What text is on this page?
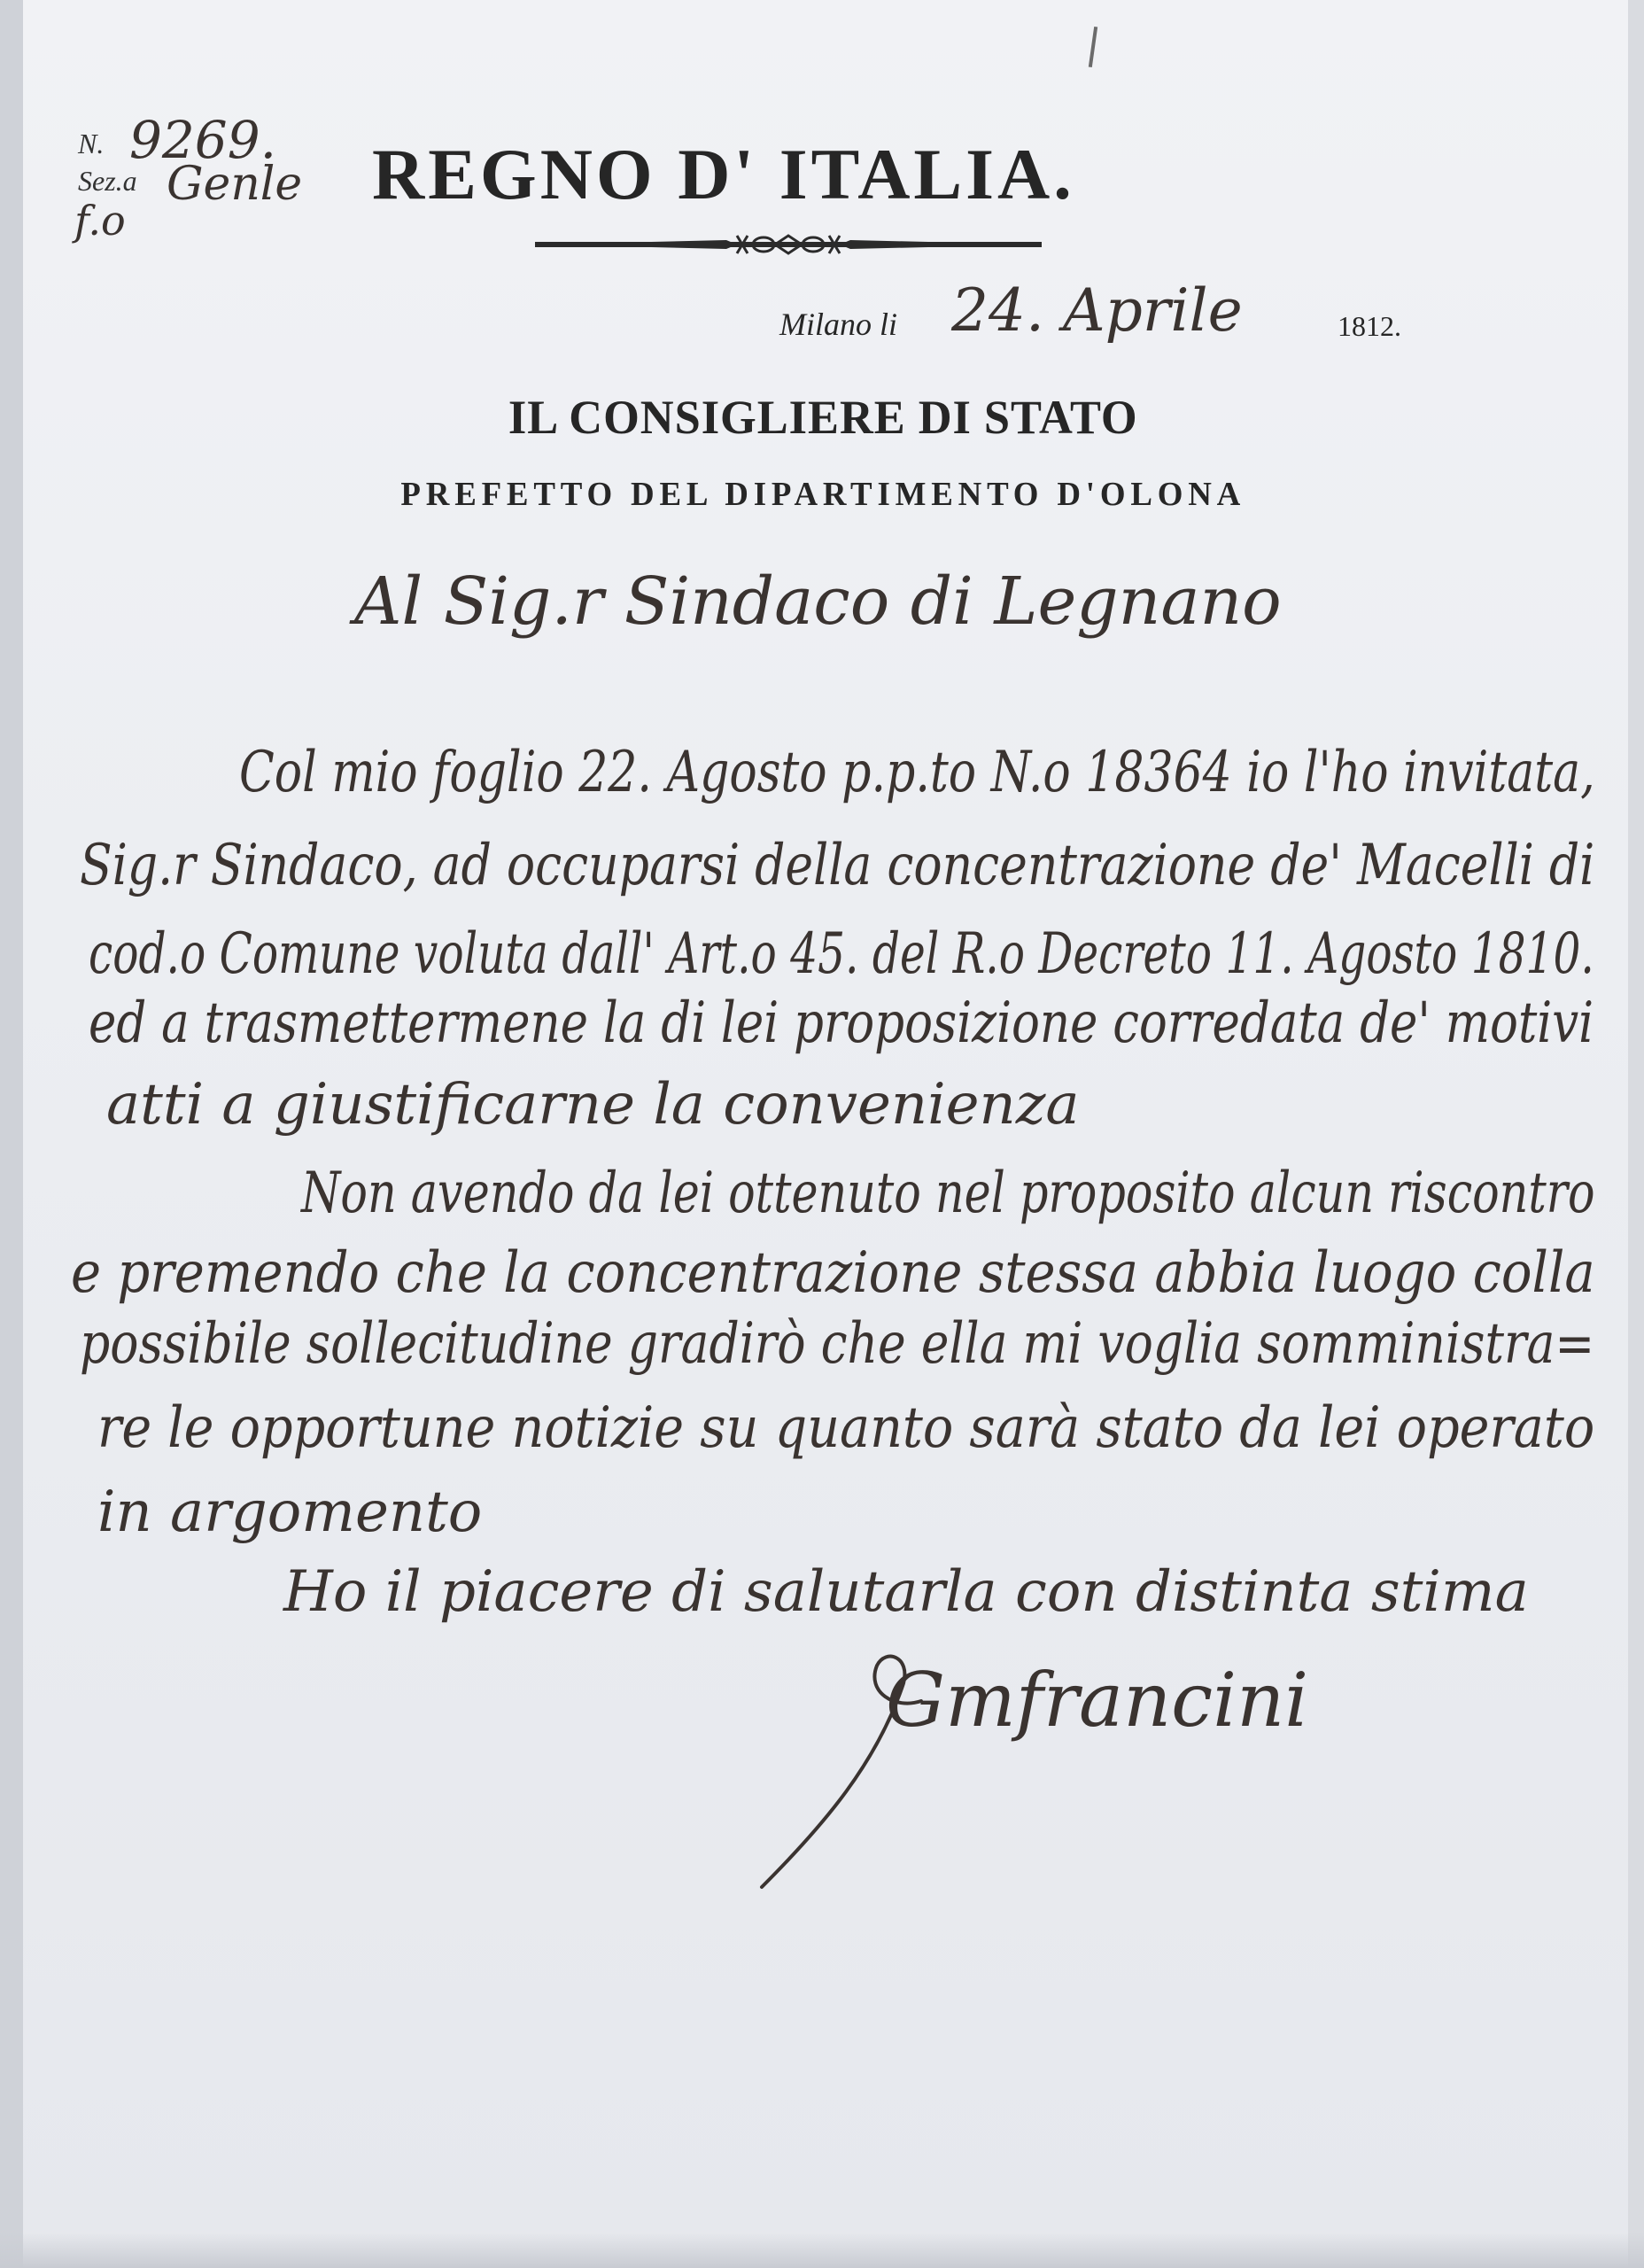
N. 9269.
Sez.a Genle
f.o
REGNO D' ITALIA.
Milano li 24. Aprile	1812.
IL CONSIGLIERE DI STATO
PREFETTO DEL DIPARTIMENTO D'OLONA
Al Sig.r Sindaco di Legnano
Col mio foglio 22. Agosto p.p.to N.o 18364 io l'ho invitata,
Sig.r Sindaco, ad occuparsi della concentrazione de' Macelli di
cod.o Comune voluta dall' Art.o 45. del R.o Decreto 11. Agosto 1810.
ed a trasmettermene la di lei proposizione corredata de' motivi
atti a giustificarne la convenienza
Non avendo da lei ottenuto nel proposito alcun riscontro
e premendo che la concentrazione stessa abbia luogo colla
possibile sollecitudine gradirò che ella mi voglia somministra=
re le opportune notizie su quanto sarà stato da lei operato
in argomento
Ho il piacere di salutarla con distinta stima
Gmfrancini
